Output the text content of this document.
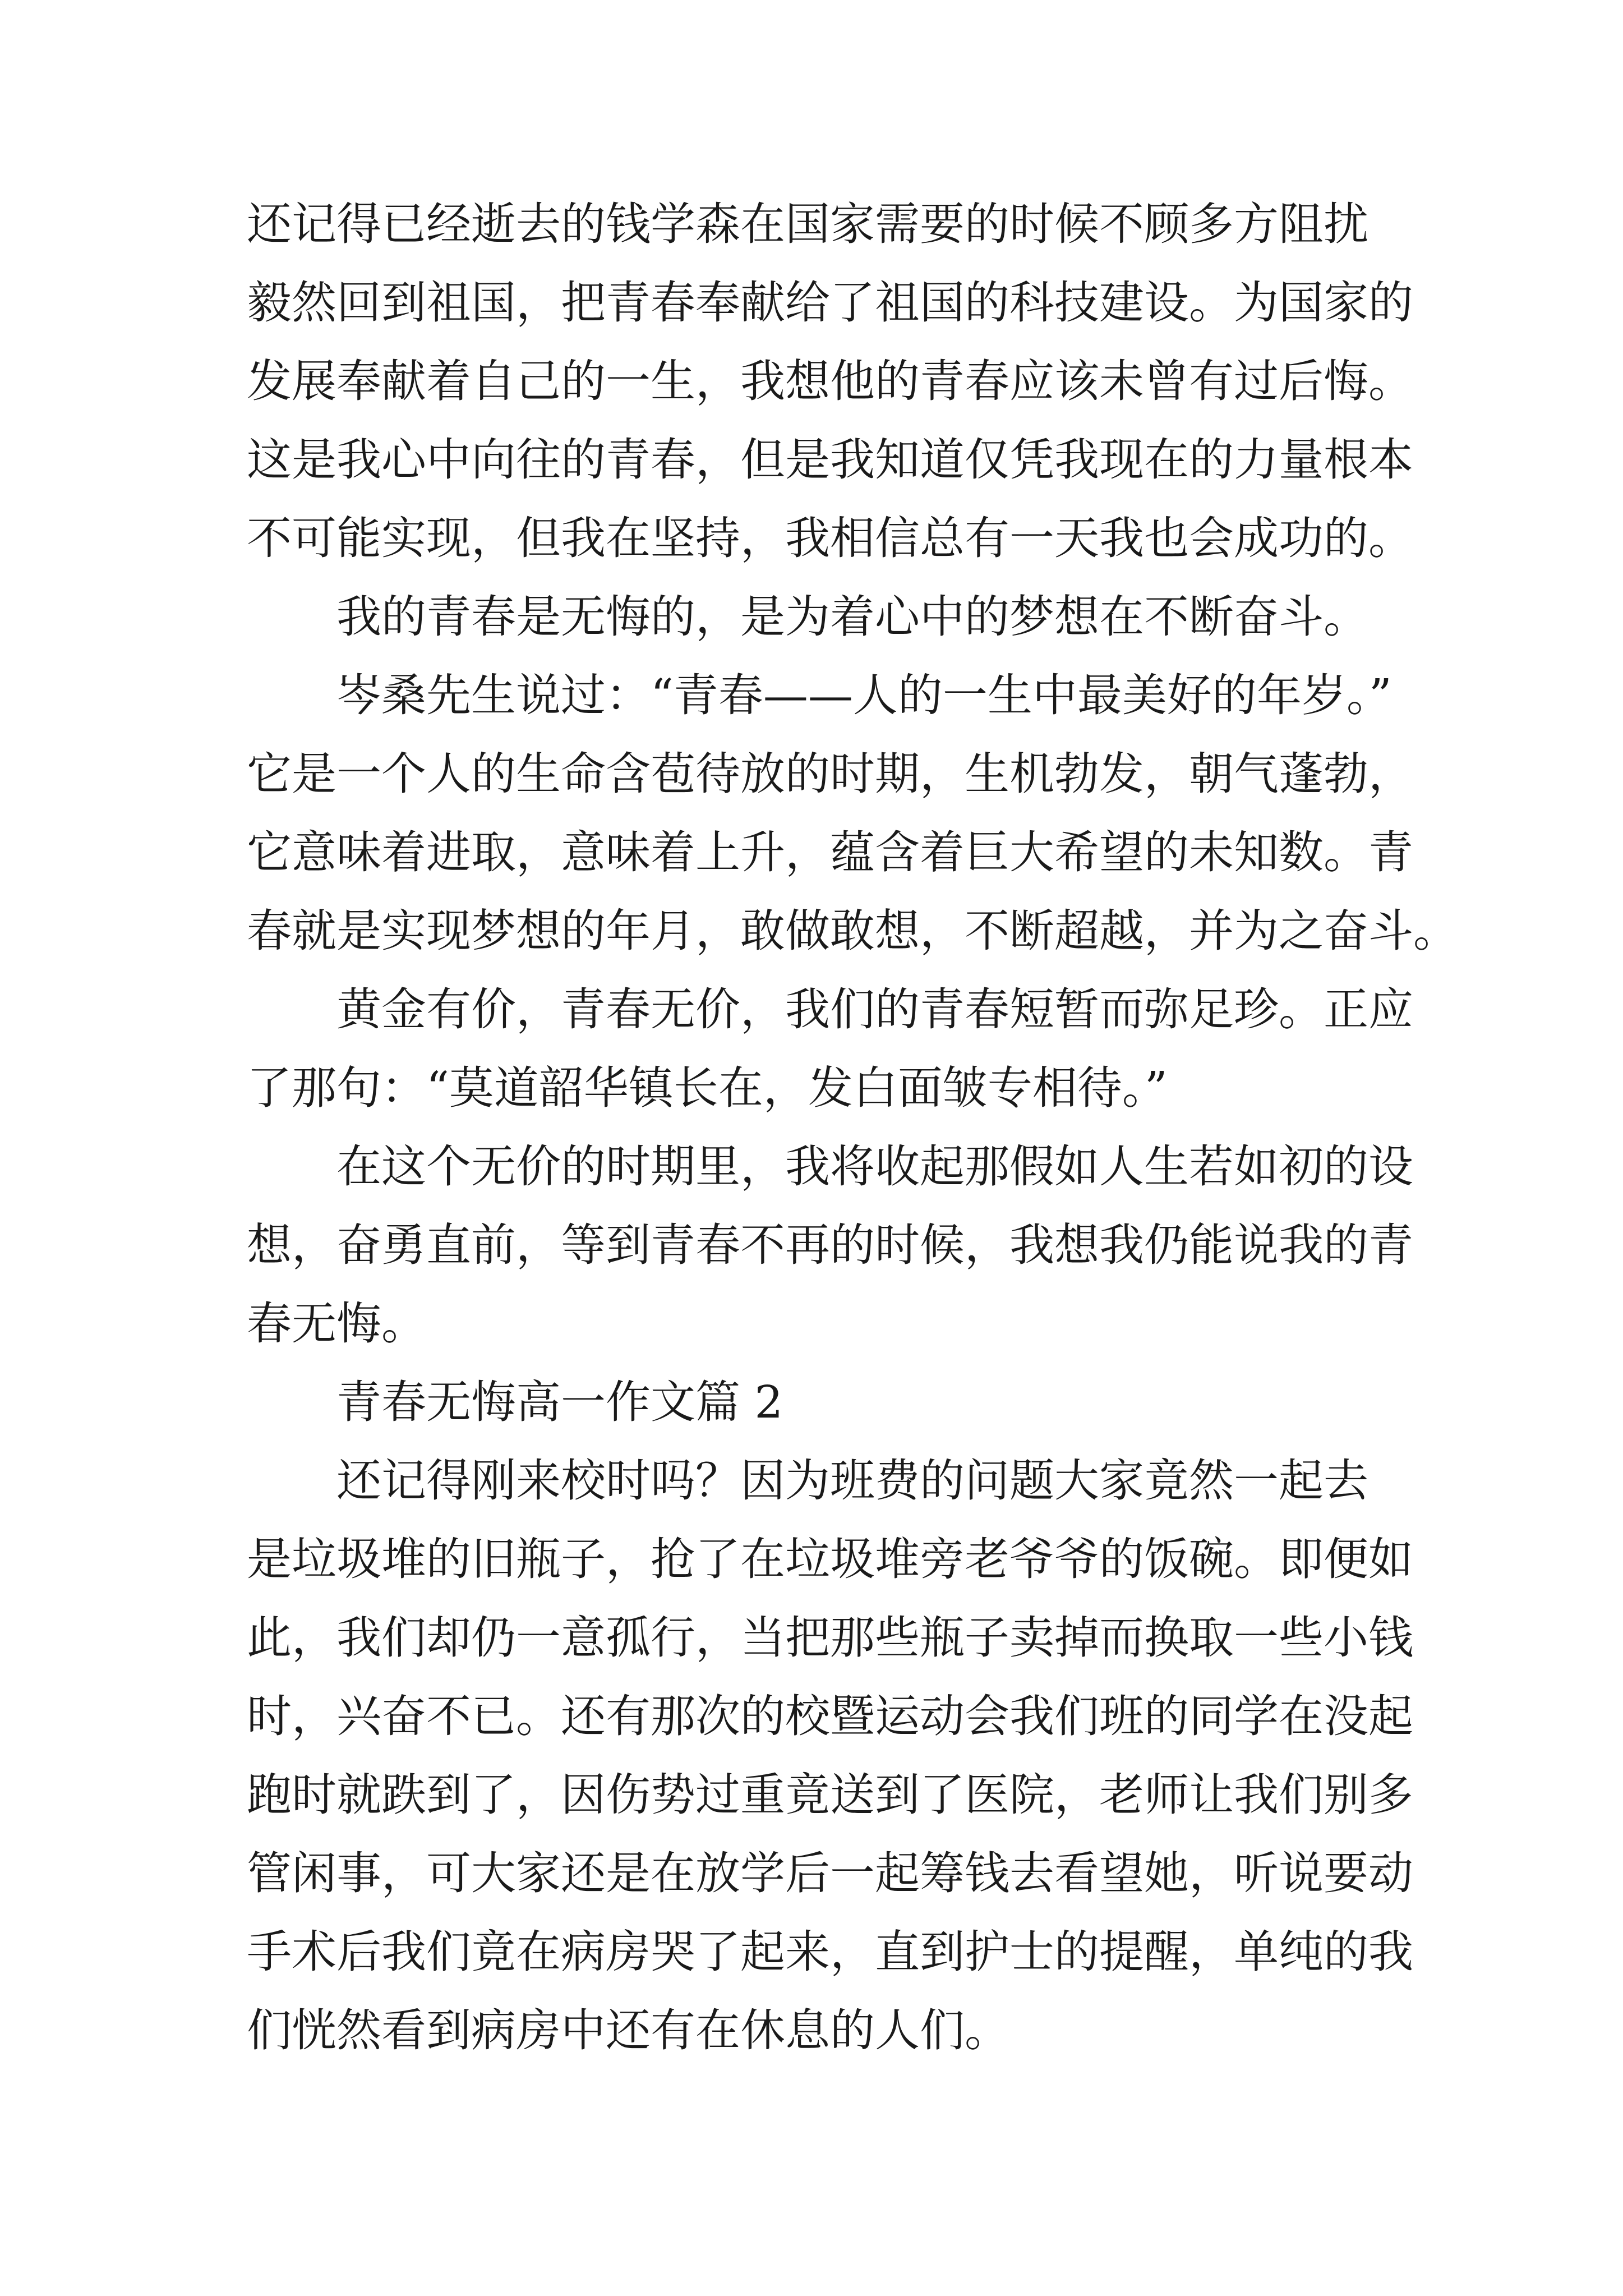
还记得已经逝去的钱学森在国家需要的时候不顾多方阻扰
毅然回到祖国，把青春奉献给了祖国的科技建设。为国家的
发展奉献着自己的一生，我想他的青春应该未曾有过后悔。
这是我心中向往的青春，但是我知道仅凭我现在的力量根本
不可能实现，但我在坚持，我相信总有一天我也会成功的。
我的青春是无悔的，是为着心中的梦想在不断奋斗。
岑桑先生说过：“青春——人的一生中最美好的年岁。”
它是一个人的生命含苞待放的时期，生机勃发，朝气蓬勃，
它意味着进取，意味着上升，蕴含着巨大希望的未知数。青
春就是实现梦想的年月，敢做敢想，不断超越，并为之奋斗。
黄金有价，青春无价，我们的青春短暂而弥足珍。正应
了那句：“莫道韶华镇长在，发白面皱专相待。”
在这个无价的时期里，我将收起那假如人生若如初的设
想，奋勇直前，等到青春不再的时候，我想我仍能说我的青
春无悔。
青春无悔高一作文篇 2
还记得刚来校时吗？因为班费的问题大家竟然一起去
是垃圾堆的旧瓶子，抢了在垃圾堆旁老爷爷的饭碗。即便如
此，我们却仍一意孤行，当把那些瓶子卖掉而换取一些小钱
时，兴奋不已。还有那次的校暨运动会我们班的同学在没起
跑时就跌到了，因伤势过重竟送到了医院，老师让我们别多
管闲事，可大家还是在放学后一起筹钱去看望她，听说要动
手术后我们竟在病房哭了起来，直到护士的提醒，单纯的我
们恍然看到病房中还有在休息的人们。
